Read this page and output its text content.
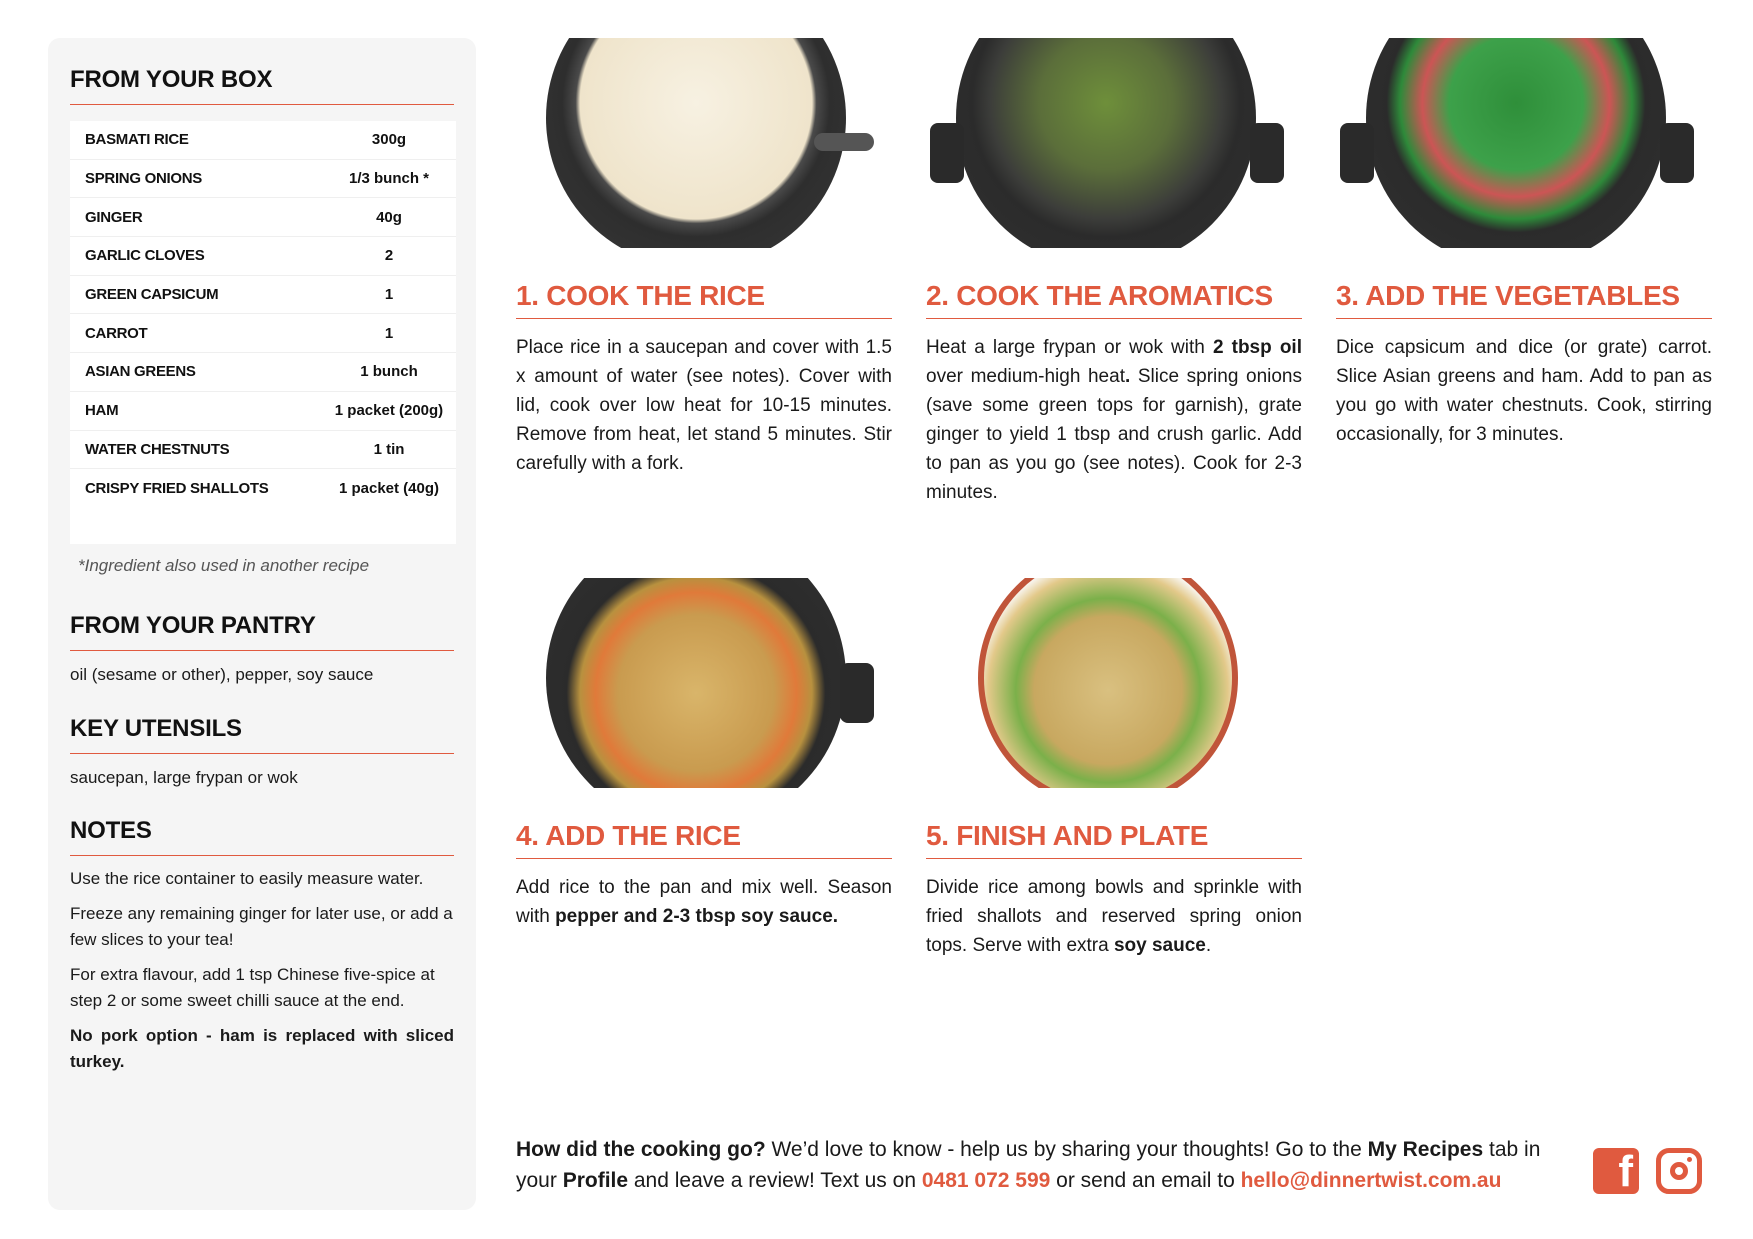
FROM YOUR BOX
BASMATI RICE	300g
SPRING ONIONS	1/3 bunch *
GINGER	40g
GARLIC CLOVES	2
GREEN CAPSICUM	1
CARROT	1
ASIAN GREENS	1 bunch
HAM	1 packet (200g)
WATER CHESTNUTS	1 tin
CRISPY FRIED SHALLOTS	1 packet (40g)
*Ingredient also used in another recipe
FROM YOUR PANTRY
oil (sesame or other), pepper, soy sauce
KEY UTENSILS
saucepan, large frypan or wok
NOTES
Use the rice container to easily measure water.
Freeze any remaining ginger for later use, or add a few slices to your tea!
For extra flavour, add 1 tsp Chinese five-spice at step 2 or some sweet chilli sauce at the end.
No pork option - ham is replaced with sliced turkey.
1. COOK THE RICE
Place rice in a saucepan and cover with 1.5 x amount of water (see notes). Cover with lid, cook over low heat for 10-15 minutes. Remove from heat, let stand 5 minutes. Stir carefully with a fork.
2. COOK THE AROMATICS
Heat a large frypan or wok with 2 tbsp oil over medium-high heat. Slice spring onions (save some green tops for garnish), grate ginger to yield 1 tbsp and crush garlic. Add to pan as you go (see notes). Cook for 2-3 minutes.
3. ADD THE VEGETABLES
Dice capsicum and dice (or grate) carrot. Slice Asian greens and ham. Add to pan as you go with water chestnuts. Cook, stirring occasionally, for 3 minutes.
4. ADD THE RICE
Add rice to the pan and mix well. Season with pepper and 2-3 tbsp soy sauce.
5. FINISH AND PLATE
Divide rice among bowls and sprinkle with fried shallots and reserved spring onion tops. Serve with extra soy sauce.
How did the cooking go? We’d love to know - help us by sharing your thoughts! Go to the My Recipes tab in your Profile and leave a review! Text us on 0481 072 599 or send an email to hello@dinnertwist.com.au	f
